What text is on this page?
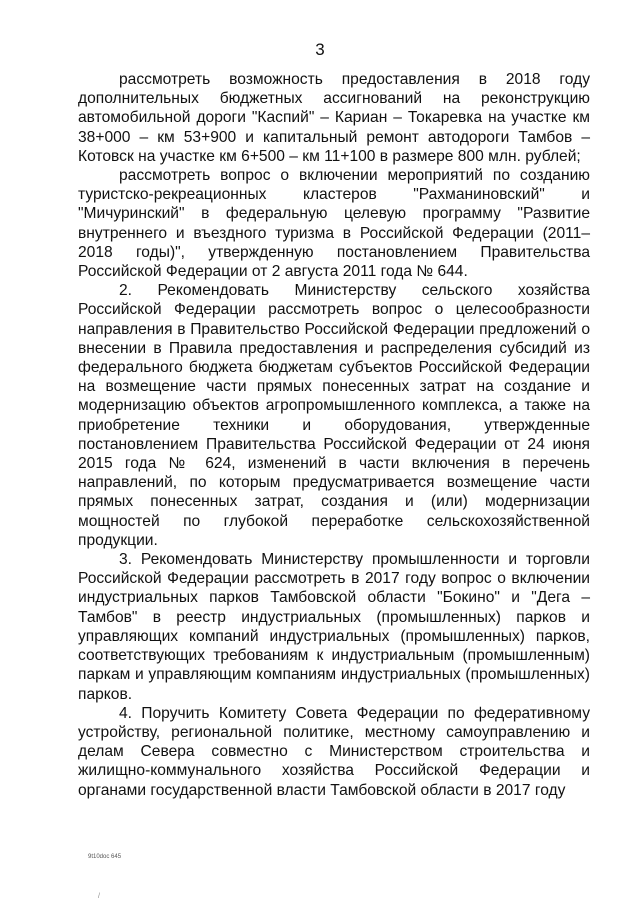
3

рассмотреть возможность предоставления в 2018 году дополнительных бюджетных ассигнований на реконструкцию автомобильной дороги "Каспий" – Кариан – Токаревка на участке км 38+000 – км 53+900 и капитальный ремонт автодороги Тамбов – Котовск на участке км 6+500 – км 11+100 в размере 800 млн. рублей;

рассмотреть вопрос о включении мероприятий по созданию туристско-рекреационных кластеров "Рахманиновский" и "Мичуринский" в федеральную целевую программу "Развитие внутреннего и въездного туризма в Российской Федерации (2011–2018 годы)", утвержденную постановлением Правительства Российской Федерации от 2 августа 2011 года № 644.

2. Рекомендовать Министерству сельского хозяйства Российской Федерации рассмотреть вопрос о целесообразности направления в Правительство Российской Федерации предложений о внесении в Правила предоставления и распределения субсидий из федерального бюджета бюджетам субъектов Российской Федерации на возмещение части прямых понесенных затрат на создание и модернизацию объектов агропромышленного комплекса, а также на приобретение техники и оборудования, утвержденные постановлением Правительства Российской Федерации от 24 июня 2015 года № 624, изменений в части включения в перечень направлений, по которым предусматривается возмещение части прямых понесенных затрат, создания и (или) модернизации мощностей по глубокой переработке сельскохозяйственной продукции.

3. Рекомендовать Министерству промышленности и торговли Российской Федерации рассмотреть в 2017 году вопрос о включении индустриальных парков Тамбовской области "Бокино" и "Дега – Тамбов" в реестр индустриальных (промышленных) парков и управляющих компаний индустриальных (промышленных) парков, соответствующих требованиям к индустриальным (промышленным) паркам и управляющим компаниям индустриальных (промышленных) парков.

4. Поручить Комитету Совета Федерации по федеративному устройству, региональной политике, местному самоуправлению и делам Севера совместно с Министерством строительства и жилищно-коммунального хозяйства Российской Федерации и органами государственной власти Тамбовской области в 2017 году

9t10doc 645
/
